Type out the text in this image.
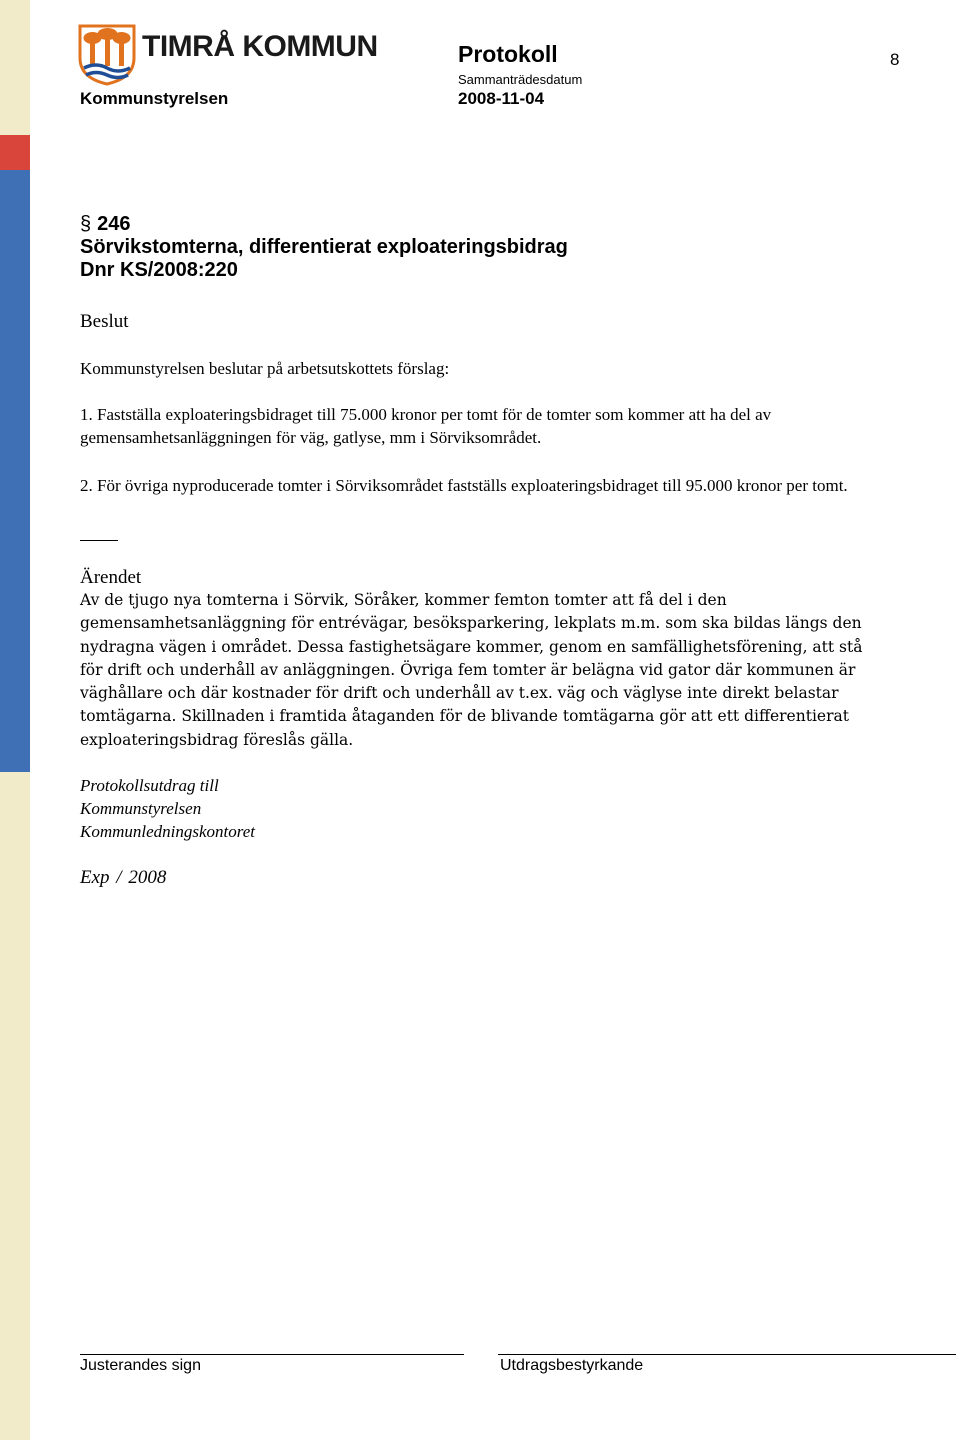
TIMRÅ KOMMUN
Kommunstyrelsen
Protokoll
Sammanträdesdatum
2008-11-04
8
§ 246
Sörvikstomterna, differentierat exploateringsbidrag
Dnr KS/2008:220
Beslut
Kommunstyrelsen beslutar på arbetsutskottets förslag:
1. Fastställa exploateringsbidraget till 75.000 kronor per tomt för de tomter som kommer att ha del av gemensamhetsanläggningen för väg, gatlyse, mm i Sörviksområdet.
2. För övriga nyproducerade tomter i Sörviksområdet fastställs exploateringsbidraget till 95.000 kronor per tomt.
Ärendet
Av de tjugo nya tomterna i Sörvik, Söråker, kommer femton tomter att få del i den gemensamhetsanläggning för entrévägar, besöksparkering, lekplats m.m. som ska bildas längs den nydragna vägen i området. Dessa fastighetsägare kommer, genom en samfällighetsförening, att stå för drift och underhåll av anläggningen. Övriga fem tomter är belägna vid gator där kommunen är väghållare och där kostnader för drift och underhåll av t.ex. väg och väglyse inte direkt belastar tomtägarna. Skillnaden i framtida åtaganden för de blivande tomtägarna gör att ett differentierat exploateringsbidrag föreslås gälla.
Protokollsutdrag till
Kommunstyrelsen
Kommunledningskontoret
Exp / 2008
Justerandes sign	Utdragsbestyrkande
